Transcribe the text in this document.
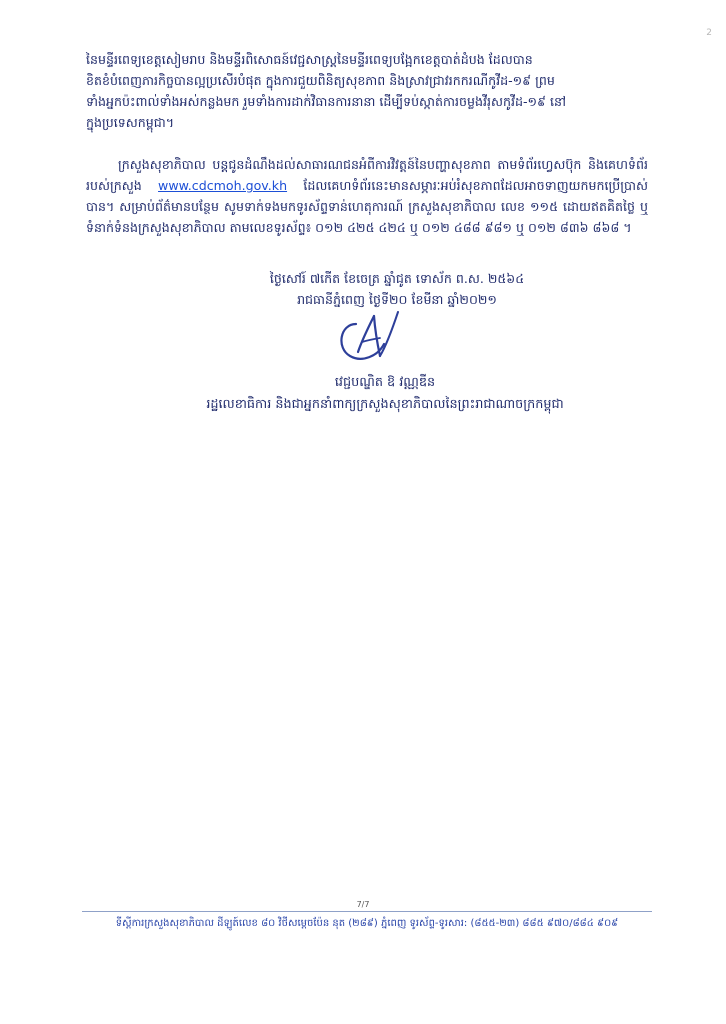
2

នៃមន្ទីរពេទ្យខេត្តសៀមរាប និងមន្ទីរពិសោធន៍វេជ្ជសាស្ត្រនៃមន្ទីរពេទ្យបង្អែកខេត្តបាត់ដំបង ដែលបាន

ខិតខំបំពេញភារកិច្ចបានល្អប្រសើរបំផុត ក្នុងការជួយពិនិត្យសុខភាព និងស្រាវជ្រាវរកករណីកូវីដ-១៩ ព្រម

ទាំងអ្នកប៉ះពាល់ទាំងអស់កន្លងមក រួមទាំងការដាក់វិធានការនានា ដើម្បីទប់ស្កាត់ការចម្លងវីរុសកូវីដ-១៩ នៅ

ក្នុងប្រទេសកម្ពុជា។

ក្រសួងសុខាភិបាល បន្តជូនដំណឹងដល់សាធារណជនអំពីការវិវត្តន៍នៃបញ្ហាសុខភាព តាមទំព័រហ្វេសប៊ុក និងគេហទំព័ររបស់ក្រសួង www.cdcmoh.gov.kh ដែលគេហទំព័រនេះមានសម្ភារៈអប់រំសុខភាពដែលអាចទាញយកមកប្រើប្រាស់បាន។ សម្រាប់ព័ត៌មានបន្ថែម សូមទាក់ទងមកទូរស័ព្ទទាន់ហេតុការណ៍ ក្រសួងសុខាភិបាល លេខ ១១៥ ដោយឥតគិតថ្លៃ ឬទំនាក់ទំនងក្រសួងសុខាភិបាល តាមលេខទូរស័ព្ទ៖ ០១២ ៤២៥ ៤២៤ ឬ ០១២ ៤៨៨ ៩៨១ ឬ ០១២ ៨៣៦ ៨៦៨ ។

ថ្ងៃសៅរ៍ ៧កើត ខែចេត្រ ឆ្នាំជូត ទោស័ក ព.ស. ២៥៦៤
រាជធានីភ្នំពេញ ថ្ងៃទី២០ ខែមីនា ឆ្នាំ២០២១
វេជ្ជបណ្ឌិត ឱ វណ្ណឌីន
រដ្ឋលេខាធិការ និងជាអ្នកនាំពាក្យក្រសួងសុខាភិបាលនៃព្រះរាជាណាចក្រកម្ពុជា
7/7
ទីស្តីការក្រសួងសុខាភិបាល ដីឡូត៍លេខ ៨០ វិថីសម្តេចប៉ែន នុត (២៨៩) ភ្នំពេញ ទូរស័ព្ទ-ទូរសារ: (៨៥៥-២៣) ៨៨៥ ៩៧០/៨៨៤ ៩០៩
